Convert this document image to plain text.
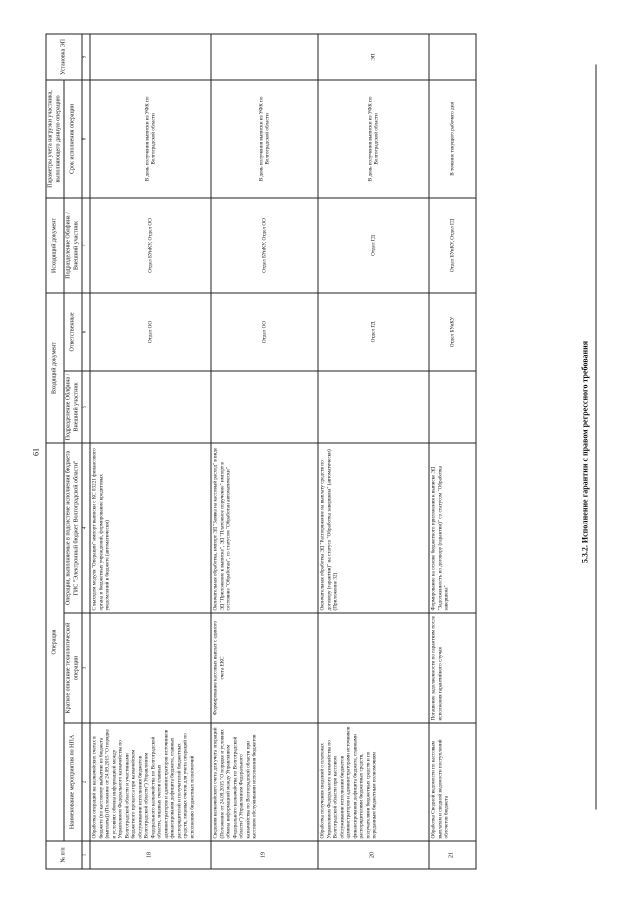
61
№ п/п	Операция			Входящий документ		Исходящий документ	Параметры учета нагрузки участника, выполняющего данную операцию	Установка ЭП
	Наименование мероприятия по НПА	Краткое описание технологической операции	Операции, выполняемые в подсистеме исполнения бюджета ГИС "Электронный бюджет Волгоградской области"	Подразделение Облфина / Внешний участник	Ответственные	Подразделение Облфина / Внешний участник	Срок исполнения операции	
1	2	3	4	5	6	7	8	9
18	Обработка операций на казначейских счетах в бюджете (по кассовому выбытию из бюджета (выплаты)) (Положение от 24.09.2015 "О порядке и условиях обмена информацией между Управлением Федерального казначейства по Волгоградской области и участниками бюджетного процесса при казначейском обслуживании исполнения бюджетов Волгоградской области") Управлением Федерального казначейства по Волгоградской области, лицевых счетов главных администраторов и администраторов источников финансирования дефицита бюджета, главных распорядителей и получателей бюджетных средств, лицевых счетов для учета операций по исполнению бюджетных полномочий		С выходом модуля "Операции" импорт выписки с КС 03221 финансового органа и бюджетных учреждений, формирование кредитовых уведомлений в бюджете (автоматически)		Отдел ОО	Отдел БУиКУ, Отдел ОО	В день получения выписки из УФК по Волгоградской области	
19	Сведения казначейского счета для учета операций (Положение от 24.09.2015 "О порядке и условиях обмена информацией между Управлением Федерального казначейства по Волгоградской области") Управлением Федерального казначейства по Волгоградской области при кассовом обслуживании исполнения бюджетов	Формирование кассовых выплат с единого счета ЕКС	Окончательная обработка, импорт ЭД "Заявка на кассовый расход" в виде ЭД "Приложение к выписке", ЭД "Платежное поручение" импорт в состояние "Обработан", со статусом "Обработан автоматически"		Отдел ОО	Отдел БУиКУ, Отдел ОО	В день получения выписки из УФК по Волгоградской области	
20	Обработка получения сведений о платежах Управлением Федерального казначейства по Волгоградской области при кассовом обслуживании исполнения бюджетов администраторов и администраторами источников финансирования дефицита бюджета, главными распорядителями бюджетных средств, получателями бюджетных средств и по переданным бюджетным полномочиям		Окончательная обработка ЭД "Распоряжение на выплату средств по договору (гарантии)" на статусе "Обработка завершена" (автоматически) (Приложение 32)		Отдел ГД	Отдел ГД	В день получения выписки из УФК по Волгоградской области	ЭП
21	Обработка Сводной ведомости по кассовым выплатам и сводной ведомости поступлений облсчетов бюджета	Погашение задолженности по гарантиям после исполнения гарантийного случая	Формирование на основе бюджетного приложения к выписке ЭД "Задолженность по договору (гарантии)" со статусом "Обработка завершена"		Отдел БУиКУ	Отдел БУиКУ, Отдел ГД	В течение текущего рабочего дня	
5.3.2. Исполнение гарантии с правом регрессного требования
